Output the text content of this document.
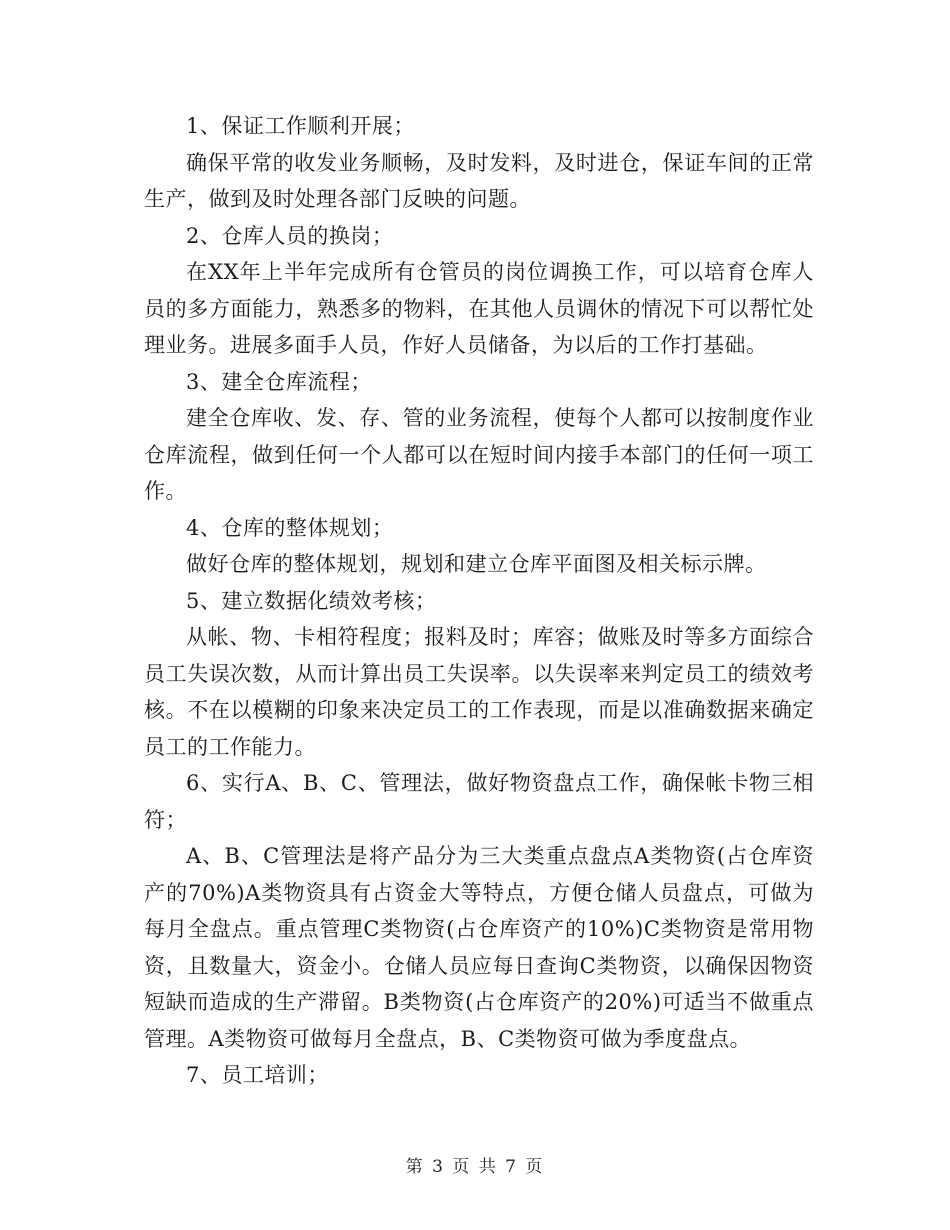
1、保证工作顺利开展；

确保平常的收发业务顺畅，及时发料，及时进仓，保证车间的正常生产，做到及时处理各部门反映的问题。

2、仓库人员的换岗；

在XX年上半年完成所有仓管员的岗位调换工作，可以培育仓库人员的多方面能力，熟悉多的物料，在其他人员调休的情况下可以帮忙处理业务。进展多面手人员，作好人员储备，为以后的工作打基础。

3、建全仓库流程；

建全仓库收、发、存、管的业务流程，使每个人都可以按制度作业仓库流程，做到任何一个人都可以在短时间内接手本部门的任何一项工作。

4、仓库的整体规划；

做好仓库的整体规划，规划和建立仓库平面图及相关标示牌。

5、建立数据化绩效考核；

从帐、物、卡相符程度；报料及时；库容；做账及时等多方面综合员工失误次数，从而计算出员工失误率。以失误率来判定员工的绩效考核。不在以模糊的印象来决定员工的工作表现，而是以准确数据来确定员工的工作能力。

6、实行A、B、C、管理法，做好物资盘点工作，确保帐卡物三相符；

A、B、C管理法是将产品分为三大类重点盘点A类物资(占仓库资产的70%)A类物资具有占资金大等特点，方便仓储人员盘点，可做为每月全盘点。重点管理C类物资(占仓库资产的10%)C类物资是常用物资，且数量大，资金小。仓储人员应每日查询C类物资，以确保因物资短缺而造成的生产滞留。B类物资(占仓库资产的20%)可适当不做重点管理。A类物资可做每月全盘点，B、C类物资可做为季度盘点。

7、员工培训；

第 3 页 共 7 页
